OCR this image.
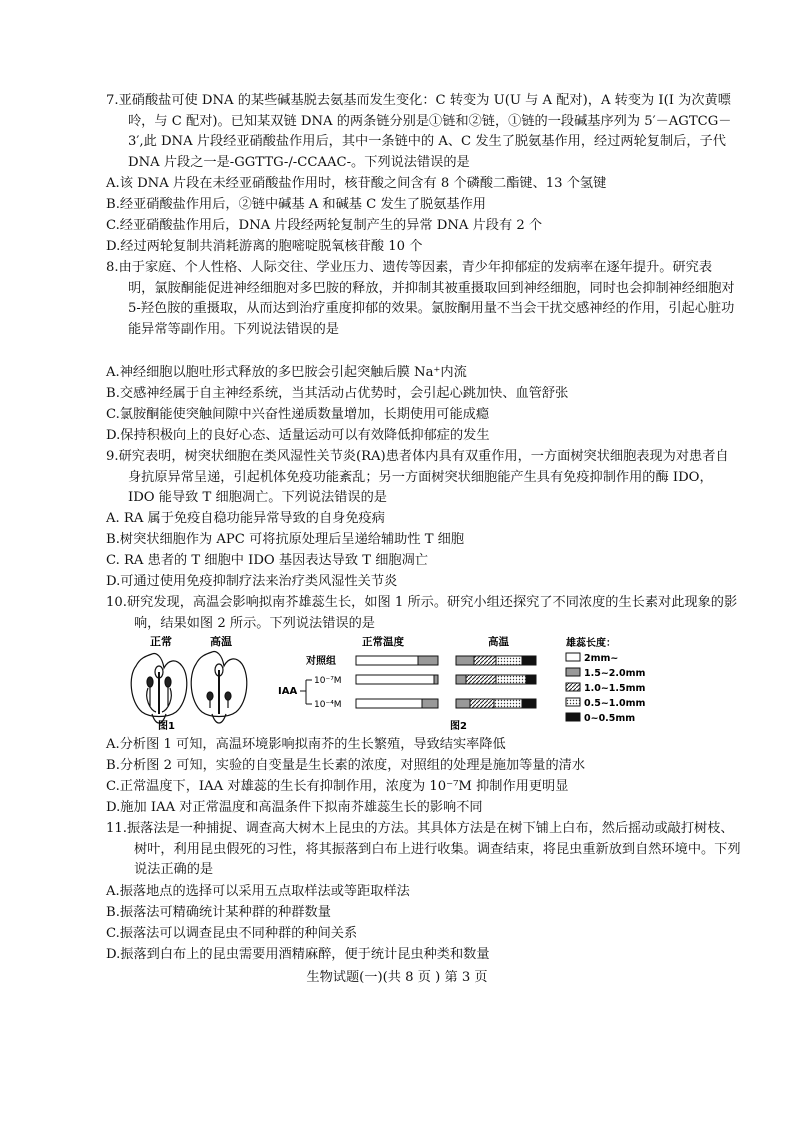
7.亚硝酸盐可使 DNA 的某些碱基脱去氨基而发生变化：C 转变为 U(U 与 A 配对)，A 转变为 I(I 为次黄嘌呤，与 C 配对)。已知某双链 DNA 的两条链分别是①链和②链，①链的一段碱基序列为 5′－AGTCG－3′,此 DNA 片段经亚硝酸盐作用后，其中一条链中的 A、C 发生了脱氨基作用，经过两轮复制后，子代 DNA 片段之一是-GGTTG-/-CCAAC-。下列说法错误的是
A.该 DNA 片段在未经亚硝酸盐作用时，核苷酸之间含有 8 个磷酸二酯键、13 个氢键
B.经亚硝酸盐作用后，②链中碱基 A 和碱基 C 发生了脱氨基作用
C.经亚硝酸盐作用后，DNA 片段经两轮复制产生的异常 DNA 片段有 2 个
D.经过两轮复制共消耗游离的胞嘧啶脱氧核苷酸 10 个
8.由于家庭、个人性格、人际交往、学业压力、遗传等因素，青少年抑郁症的发病率在逐年提升。研究表明，氯胺酮能促进神经细胞对多巴胺的释放，并抑制其被重摄取回到神经细胞，同时也会抑制神经细胞对 5-羟色胺的重摄取，从而达到治疗重度抑郁的效果。氯胺酮用量不当会干扰交感神经的作用，引起心脏功能异常等副作用。下列说法错误的是
A.神经细胞以胞吐形式释放的多巴胺会引起突触后膜 Na⁺内流
B.交感神经属于自主神经系统，当其活动占优势时，会引起心跳加快、血管舒张
C.氯胺酮能使突触间隙中兴奋性递质数量增加，长期使用可能成瘾
D.保持积极向上的良好心态、适量运动可以有效降低抑郁症的发生
9.研究表明，树突状细胞在类风湿性关节炎(RA)患者体内具有双重作用，一方面树突状细胞表现为对患者自身抗原异常呈递，引起机体免疫功能紊乱；另一方面树突状细胞能产生具有免疫抑制作用的酶 IDO，IDO 能导致 T 细胞凋亡。下列说法错误的是
A. RA 属于免疫自稳功能异常导致的自身免疫病
B.树突状细胞作为 APC 可将抗原处理后呈递给辅助性 T 细胞
C. RA 患者的 T 细胞中 IDO 基因表达导致 T 细胞凋亡
D.可通过使用免疫抑制疗法来治疗类风湿性关节炎
10.研究发现，高温会影响拟南芥雄蕊生长，如图 1 所示。研究小组还探究了不同浓度的生长素对此现象的影响，结果如图 2 所示。下列说法错误的是
正常	高温
图1
正常温度	高温
对照组
IAA
10⁻⁷M
10⁻⁴M
图2
雄蕊长度：
2mm~
1.5~2.0mm
1.0~1.5mm
0.5~1.0mm
0~0.5mm
A.分析图 1 可知，高温环境影响拟南芥的生长繁殖，导致结实率降低
B.分析图 2 可知，实验的自变量是生长素的浓度，对照组的处理是施加等量的清水
C.正常温度下，IAA 对雄蕊的生长有抑制作用，浓度为 10⁻⁷M 抑制作用更明显
D.施加 IAA 对正常温度和高温条件下拟南芥雄蕊生长的影响不同
11.振落法是一种捕捉、调查高大树木上昆虫的方法。其具体方法是在树下铺上白布，然后摇动或敲打树枝、树叶，利用昆虫假死的习性，将其振落到白布上进行收集。调查结束，将昆虫重新放到自然环境中。下列说法正确的是
A.振落地点的选择可以采用五点取样法或等距取样法
B.振落法可精确统计某种群的种群数量
C.振落法可以调查昆虫不同种群的种间关系
D.振落到白布上的昆虫需要用酒精麻醉，便于统计昆虫种类和数量
生物试题(一)(共 8 页 ) 第 3 页
